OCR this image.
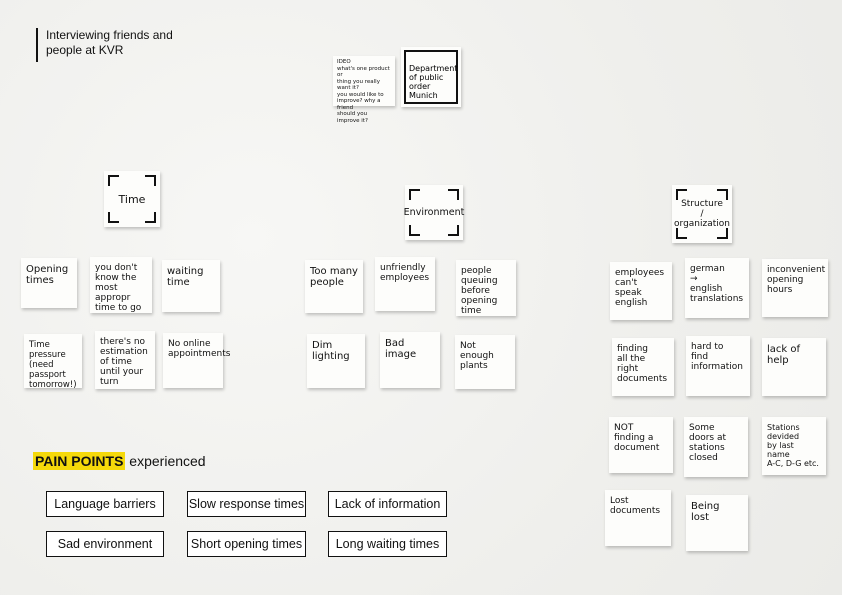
Interviewing friends and
people at KVR
IDEO
what's one product or
thing you really want it?
you would like to
improve? why a friend
should you improve it?

Department
of public
order

Munich

Time
Environment
Structure
/
organization
Opening
times
you don't
know the
most appropr
time to go
waiting
time
Time
pressure
(need passport
tomorrow!)
there's no
estimation
of time
until your
turn
No online
appointments
Too many
people
unfriendly
employees
people
queuing
before
opening time
Dim
lighting
Bad
image
Not enough
plants
employees
can't
speak
english
german
→
english
translations
inconvenient
opening
hours
finding
all the
right
documents
hard to
find
information
lack of
help
NOT
finding a
document
Some
doors at
stations
closed
Stations
devided
by last
name
A-C, D-G etc.
Lost
documents	Being
lost
PAIN POINTS experienced
Language barriers	Slow response times Lack of information
Sad environment	Short opening times	Long waiting times
